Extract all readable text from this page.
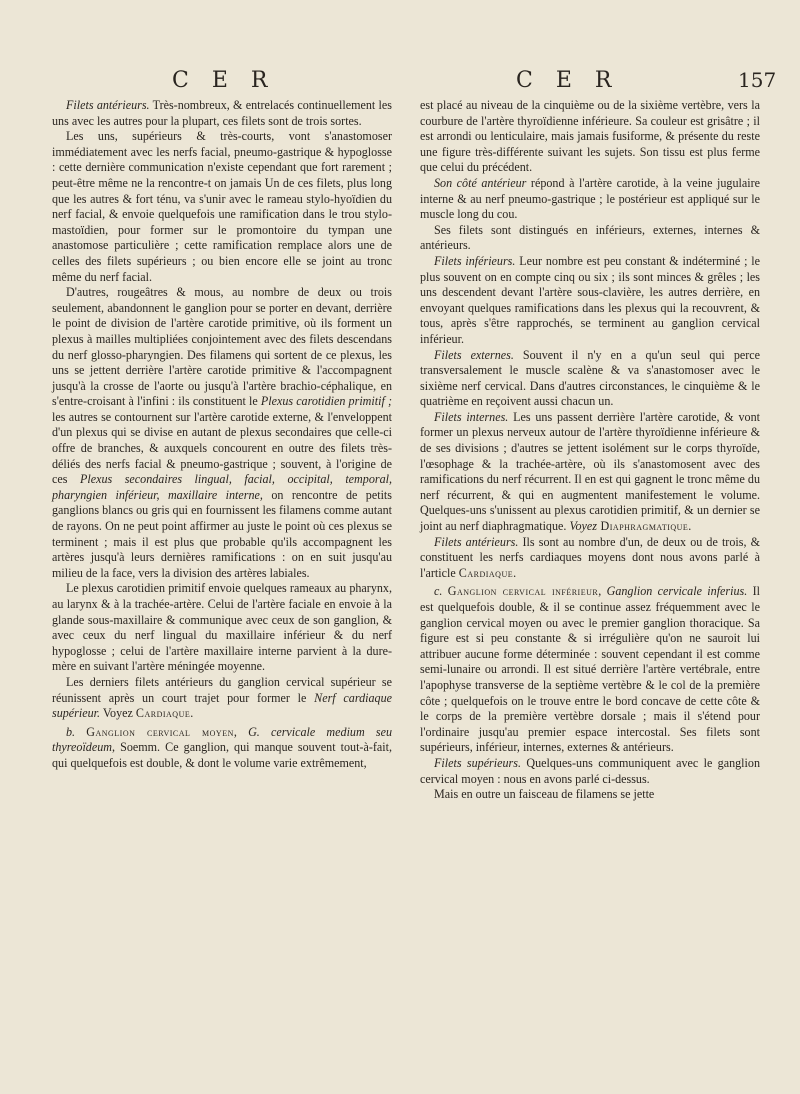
C E R	C E R	157

Filets antérieurs. Très-nombreux, & entrelacés continuellement les uns avec les autres pour la plupart, ces filets sont de trois sortes.

Les uns, supérieurs & très-courts, vont s'anastomoser immédiatement avec les nerfs facial, pneumo-gastrique & hypoglosse : cette dernière communication n'existe cependant que fort rarement ; peut-être même ne la rencontre-t on jamais Un de ces filets, plus long que les autres & fort ténu, va s'unir avec le rameau stylo-hyoïdien du nerf facial, & envoie quelquefois une ramification dans le trou stylo-mastoïdien, pour former sur le promontoire du tympan une anastomose particulière ; cette ramification remplace alors une de celles des filets supérieurs ; ou bien encore elle se joint au tronc même du nerf facial.

D'autres, rougeâtres & mous, au nombre de deux ou trois seulement, abandonnent le ganglion pour se porter en devant, derrière le point de division de l'artère carotide primitive, où ils forment un plexus à mailles multipliées conjointement avec des filets descendans du nerf glosso-pharyngien. Des filamens qui sortent de ce plexus, les uns se jettent derrière l'artère carotide primitive & l'accompagnent jusqu'à la crosse de l'aorte ou jusqu'à l'artère brachio-céphalique, en s'entre-croisant à l'infini : ils constituent le Plexus carotidien primitif ; les autres se contournent sur l'artère carotide externe, & l'enveloppent d'un plexus qui se divise en autant de plexus secondaires que celle-ci offre de branches, & auxquels concourent en outre des filets très-déliés des nerfs facial & pneumo-gastrique ; souvent, à l'origine de ces Plexus secondaires lingual, facial, occipital, temporal, pharyngien inférieur, maxillaire interne, on rencontre de petits ganglions blancs ou gris qui en fournissent les filamens comme autant de rayons. On ne peut point affirmer au juste le point où ces plexus se terminent ; mais il est plus que probable qu'ils accompagnent les artères jusqu'à leurs dernières ramifications : on en suit jusqu'au milieu de la face, vers la division des artères labiales.

Le plexus carotidien primitif envoie quelques rameaux au pharynx, au larynx & à la trachée-artère. Celui de l'artère faciale en envoie à la glande sous-maxillaire & communique avec ceux de son ganglion, & avec ceux du nerf lingual du maxillaire inférieur & du nerf hypoglosse ; celui de l'artère maxillaire interne parvient à la dure-mère en suivant l'artère méningée moyenne.

Les derniers filets antérieurs du ganglion cervical supérieur se réunissent après un court trajet pour former le Nerf cardiaque supérieur. Voyez Cardiaque.

b. Ganglion cervical moyen, G. cervicale medium seu thyreoïdeum, Soemm. Ce ganglion, qui manque souvent tout-à-fait, qui quelquefois est double, & dont le volume varie extrêmement,

est placé au niveau de la cinquième ou de la sixième vertèbre, vers la courbure de l'artère thyroïdienne inférieure. Sa couleur est grisâtre ; il est arrondi ou lenticulaire, mais jamais fusiforme, & présente du reste une figure très-différente suivant les sujets. Son tissu est plus ferme que celui du précédent.

Son côté antérieur répond à l'artère carotide, à la veine jugulaire interne & au nerf pneumo-gastrique ; le postérieur est appliqué sur le muscle long du cou.

Ses filets sont distingués en inférieurs, externes, internes & antérieurs.

Filets inférieurs. Leur nombre est peu constant & indéterminé ; le plus souvent on en compte cinq ou six ; ils sont minces & grêles ; les uns descendent devant l'artère sous-clavière, les autres derrière, en envoyant quelques ramifications dans les plexus qui la recouvrent, & tous, après s'être rapprochés, se terminent au ganglion cervical inférieur.

Filets externes. Souvent il n'y en a qu'un seul qui perce transversalement le muscle scalène & va s'anastomoser avec le sixième nerf cervical. Dans d'autres circonstances, le cinquième & le quatrième en reçoivent aussi chacun un.

Filets internes. Les uns passent derrière l'artère carotide, & vont former un plexus nerveux autour de l'artère thyroïdienne inférieure & de ses divisions ; d'autres se jettent isolément sur le corps thyroïde, l'œsophage & la trachée-artère, où ils s'anastomosent avec des ramifications du nerf récurrent. Il en est qui gagnent le tronc même du nerf récurrent, & qui en augmentent manifestement le volume. Quelques-uns s'unissent au plexus carotidien primitif, & un dernier se joint au nerf diaphragmatique. Voyez Diaphragmatique.

Filets antérieurs. Ils sont au nombre d'un, de deux ou de trois, & constituent les nerfs cardiaques moyens dont nous avons parlé à l'article Cardiaque.

c. Ganglion cervical inférieur, Ganglion cervicale inferius. Il est quelquefois double, & il se continue assez fréquemment avec le ganglion cervical moyen ou avec le premier ganglion thoracique. Sa figure est si peu constante & si irrégulière qu'on ne sauroit lui attribuer aucune forme déterminée : souvent cependant il est comme semi-lunaire ou arrondi. Il est situé derrière l'artère vertébrale, entre l'apophyse transverse de la septième vertèbre & le col de la première côte ; quelquefois on le trouve entre le bord concave de cette côte & le corps de la première vertèbre dorsale ; mais il s'étend pour l'ordinaire jusqu'au premier espace intercostal. Ses filets sont supérieurs, inférieur, internes, externes & antérieurs.

Filets supérieurs. Quelques-uns communiquent avec le ganglion cervical moyen : nous en avons parlé ci-dessus.

Mais en outre un faisceau de filamens se jette
